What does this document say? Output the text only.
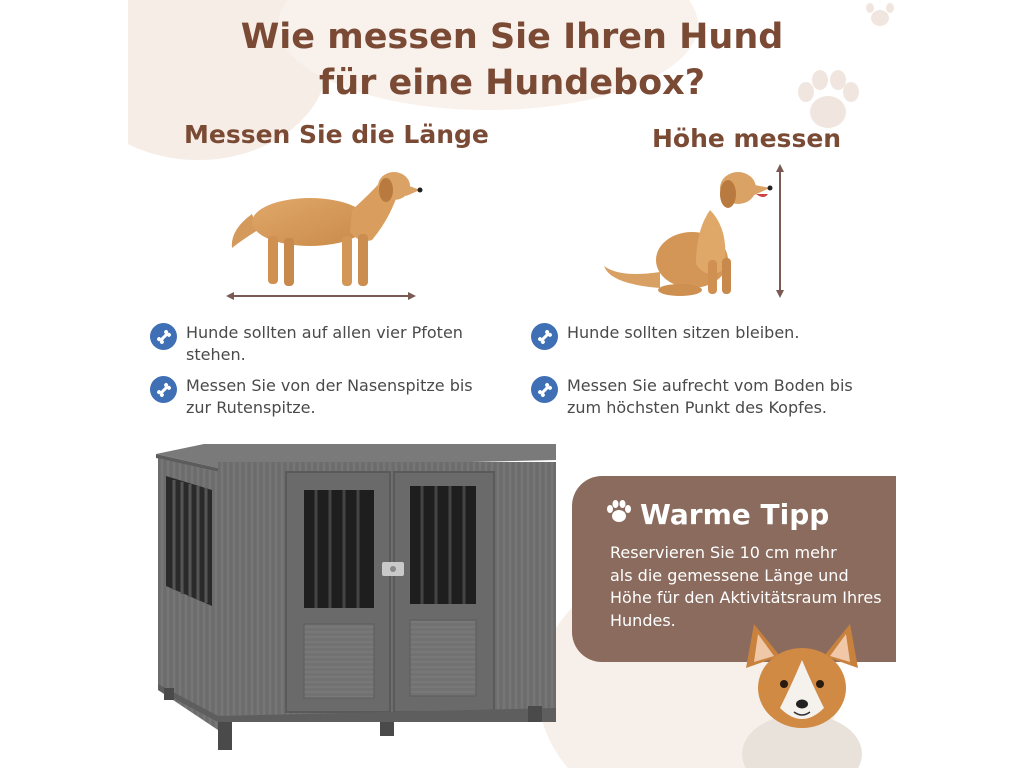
Wie messen Sie Ihren Hund
für eine Hundebox?
Messen Sie die Länge	Höhe messen
Hunde sollten auf allen vier Pfoten
stehen.
Messen Sie von der Nasenspitze bis
zur Rutenspitze.
Hunde sollten sitzen bleiben.
Messen Sie aufrecht vom Boden bis
zum höchsten Punkt des Kopfes.
Warme Tipp
Reservieren Sie 10 cm mehr
als die gemessene Länge und
Höhe für den Aktivitätsraum Ihres
Hundes.
